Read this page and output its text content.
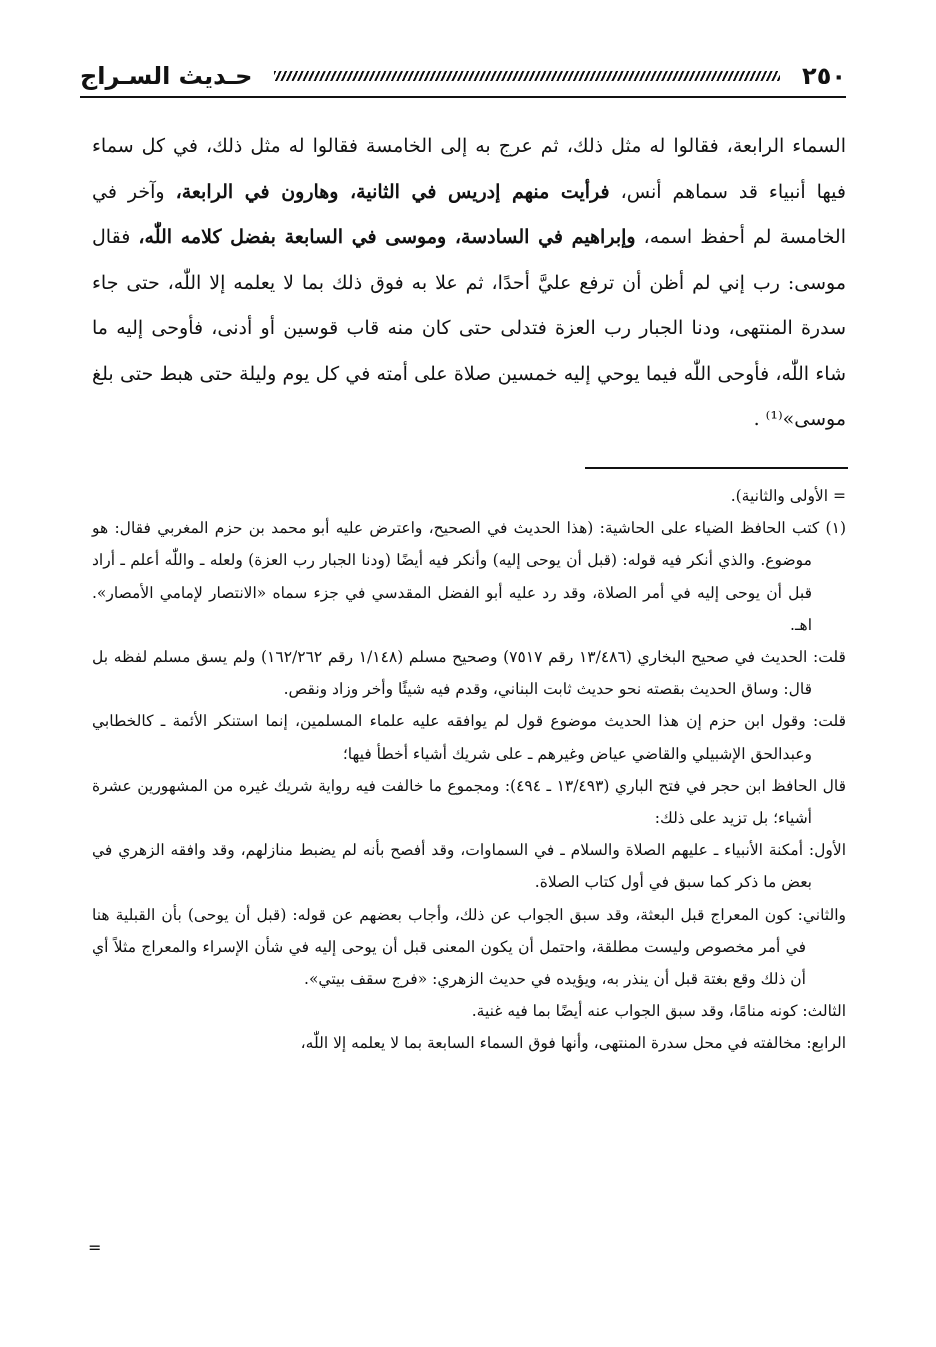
٢٥٠
حـديث السـراج

السماء الرابعة، فقالوا له مثل ذلك، ثم عرج به إلى الخامسة فقالوا له مثل ذلك، في كل سماء فيها أنبياء قد سماهم أنس، فرأيت منهم إدريس في الثانية، وهارون في الرابعة، وآخر في الخامسة لم أحفظ اسمه، وإبراهيم في السادسة، وموسى في السابعة بفضل كلامه اللّٰه، فقال موسى: رب إني لم أظن أن ترفع عليَّ أحدًا، ثم علا به فوق ذلك بما لا يعلمه إلا اللّٰه، حتى جاء سدرة المنتهى، ودنا الجبار رب العزة فتدلى حتى كان منه قاب قوسين أو أدنى، فأوحى إليه ما شاء اللّٰه، فأوحى اللّٰه فيما يوحي إليه خمسين صلاة على أمته في كل يوم وليلة حتى هبط حتى بلغ موسى»⁽¹⁾ .

= الأولى والثانية).

(١) كتب الحافظ الضياء على الحاشية: (هذا الحديث في الصحيح، واعترض عليه أبو محمد بن حزم المغربي فقال: هو موضوع. والذي أنكر فيه قوله: (قبل أن يوحى إليه) وأنكر فيه أيضًا (ودنا الجبار رب العزة) ولعله ـ واللّٰه أعلم ـ أراد قبل أن يوحى إليه في أمر الصلاة، وقد رد عليه أبو الفضل المقدسي في جزء سماه «الانتصار لإمامي الأمصار». اهـ.

قلت: الحديث في صحيح البخاري (١٣/٤٨٦ رقم ٧٥١٧) وصحيح مسلم (١/١٤٨ رقم ١٦٢/٢٦٢) ولم يسق مسلم لفظه بل قال: وساق الحديث بقصته نحو حديث ثابت البناني، وقدم فيه شيئًا وأخر وزاد ونقص.

قلت: وقول ابن حزم إن هذا الحديث موضوع قول لم يوافقه عليه علماء المسلمين، إنما استنكر الأئمة ـ كالخطابي وعبدالحق الإشبيلي والقاضي عياض وغيرهم ـ على شريك أشياء أخطأ فيها؛

قال الحافظ ابن حجر في فتح الباري (١٣/٤٩٣ ـ ٤٩٤): ومجموع ما خالفت فيه رواية شريك غيره من المشهورين عشرة أشياء؛ بل تزيد على ذلك:

الأول: أمكنة الأنبياء ـ عليهم الصلاة والسلام ـ في السماوات، وقد أفصح بأنه لم يضبط منازلهم، وقد وافقه الزهري في بعض ما ذكر كما سبق في أول كتاب الصلاة.

والثاني: كون المعراج قبل البعثة، وقد سبق الجواب عن ذلك، وأجاب بعضهم عن قوله: (قبل أن يوحى) بأن القبلية هنا في أمر مخصوص وليست مطلقة، واحتمل أن يكون المعنى قبل أن يوحى إليه في شأن الإسراء والمعراج مثلاً أي أن ذلك وقع بغتة قبل أن ينذر به، ويؤيده في حديث الزهري: «فرج سقف بيتي».

الثالث: كونه منامًا، وقد سبق الجواب عنه أيضًا بما فيه غنية.

الرابع: مخالفته في محل سدرة المنتهى، وأنها فوق السماء السابعة بما لا يعلمه إلا اللّٰه،

=
